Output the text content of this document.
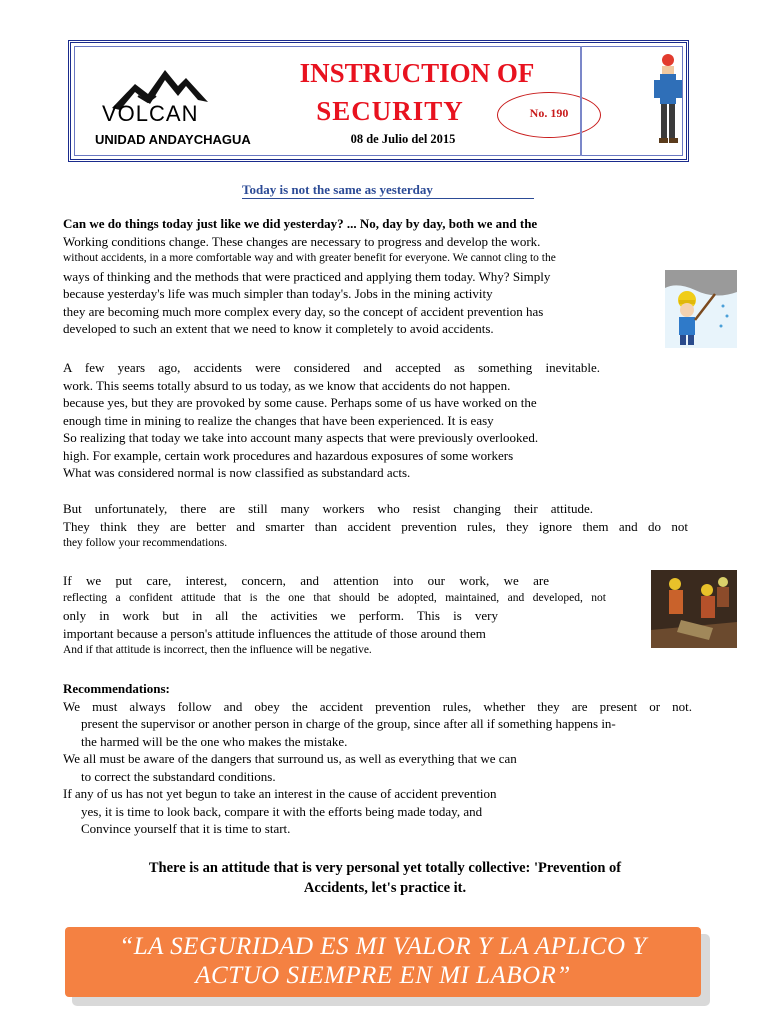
VOLCAN
UNIDAD ANDAYCHAGUA
INSTRUCTION OF
SECURITY
08 de Julio del 2015
No. 190
Today is not the same as yesterday
Can we do things today just like we did yesterday? ... No, day by day, both we and the
Working conditions change. These changes are necessary to progress and develop the work.
without accidents, in a more comfortable way and with greater benefit for everyone. We cannot cling to the
ways of thinking and the methods that were practiced and applying them today. Why? Simply
because yesterday's life was much simpler than today's. Jobs in the mining activity
they are becoming much more complex every day, so the concept of accident prevention has
developed to such an extent that we need to know it completely to avoid accidents.
A few years ago, accidents were considered and accepted as something inevitable.
work. This seems totally absurd to us today, as we know that accidents do not happen.
because yes, but they are provoked by some cause. Perhaps some of us have worked on the
enough time in mining to realize the changes that have been experienced. It is easy
So realizing that today we take into account many aspects that were previously overlooked.
high. For example, certain work procedures and hazardous exposures of some workers
What was considered normal is now classified as substandard acts.
But unfortunately, there are still many workers who resist changing their attitude.
They think they are better and smarter than accident prevention rules, they ignore them and do not
they follow your recommendations.
If we put care, interest, concern, and attention into our work, we are
reflecting a confident attitude that is the one that should be adopted, maintained, and developed, not
only in work but in all the activities we perform. This is very
important because a person's attitude influences the attitude of those around them
And if that attitude is incorrect, then the influence will be negative.
Recommendations:
We must always follow and obey the accident prevention rules, whether they are present or not.
present the supervisor or another person in charge of the group, since after all if something happens in-
the harmed will be the one who makes the mistake.
We all must be aware of the dangers that surround us, as well as everything that we can
to correct the substandard conditions.
If any of us has not yet begun to take an interest in the cause of accident prevention
yes, it is time to look back, compare it with the efforts being made today, and
Convince yourself that it is time to start.
There is an attitude that is very personal yet totally collective: 'Prevention of
Accidents, let's practice it.
“LA SEGURIDAD ES MI VALOR Y LA APLICO Y
ACTUO SIEMPRE EN MI LABOR”
